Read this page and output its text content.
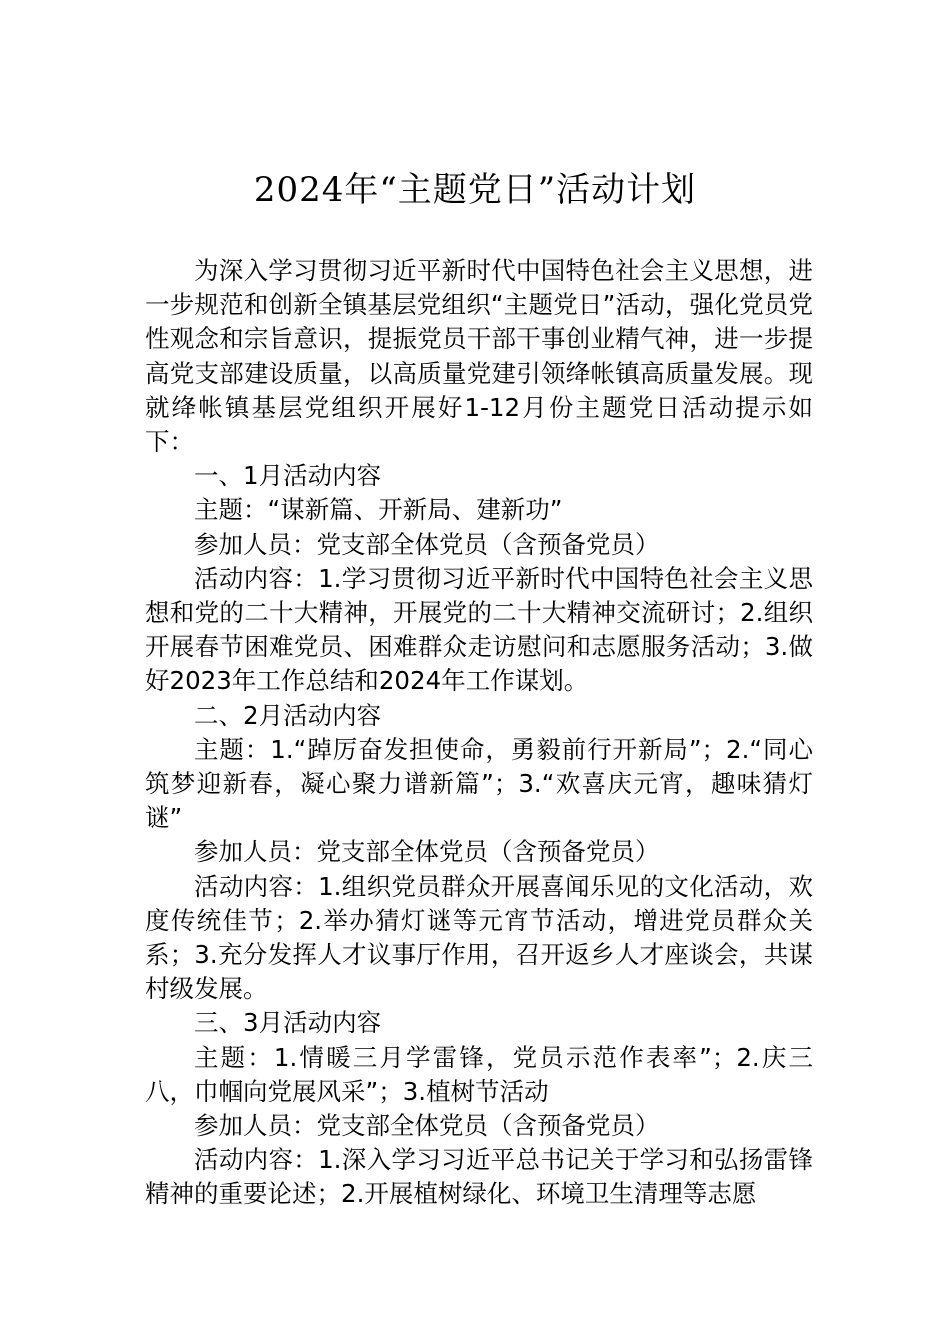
2024年“主题党日”活动计划

为深入学习贯彻习近平新时代中国特色社会主义思想，进一步规范和创新全镇基层党组织“主题党日”活动，强化党员党性观念和宗旨意识，提振党员干部干事创业精气神，进一步提高党支部建设质量，以高质量党建引领绛帐镇高质量发展。现就绛帐镇基层党组织开展好1-12月份主题党日活动提示如下：

一、1月活动内容

主题：“谋新篇、开新局、建新功”

参加人员：党支部全体党员（含预备党员）

活动内容：1.学习贯彻习近平新时代中国特色社会主义思想和党的二十大精神，开展党的二十大精神交流研讨；2.组织开展春节困难党员、困难群众走访慰问和志愿服务活动；3.做好2023年工作总结和2024年工作谋划。

二、2月活动内容

主题：1.“踔厉奋发担使命，勇毅前行开新局”；2.“同心筑梦迎新春，凝心聚力谱新篇”；3.“欢喜庆元宵，趣味猜灯谜”

参加人员：党支部全体党员（含预备党员）

活动内容：1.组织党员群众开展喜闻乐见的文化活动，欢度传统佳节；2.举办猜灯谜等元宵节活动，增进党员群众关系；3.充分发挥人才议事厅作用，召开返乡人才座谈会，共谋村级发展。

三、3月活动内容

主题：1.情暖三月学雷锋，党员示范作表率”；2.庆三八，巾帼向党展风采”；3.植树节活动

参加人员：党支部全体党员（含预备党员）

活动内容：1.深入学习习近平总书记关于学习和弘扬雷锋精神的重要论述；2.开展植树绿化、环境卫生清理等志愿
